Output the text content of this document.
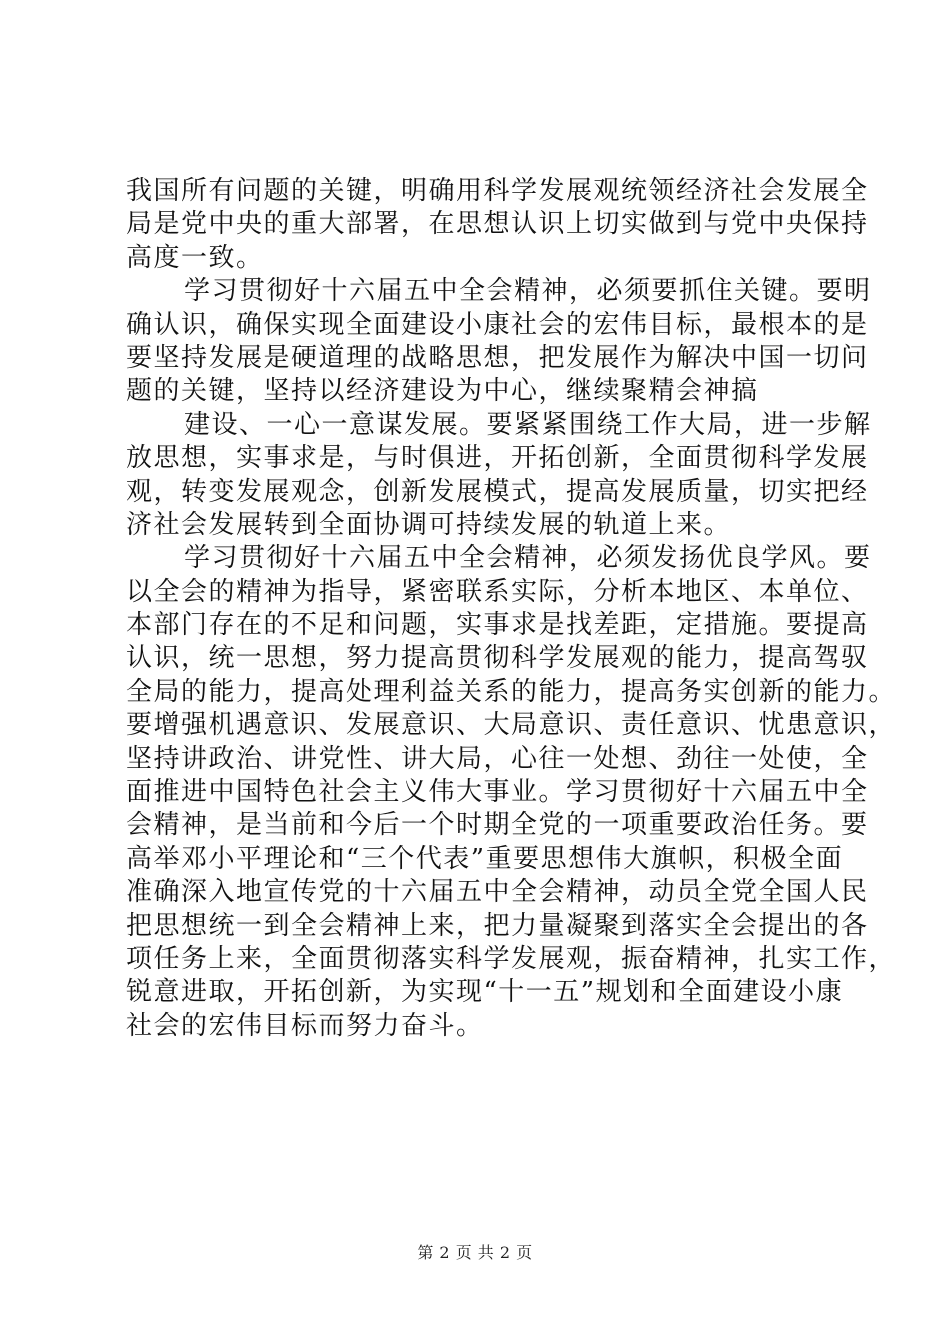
我国所有问题的关键，明确用科学发展观统领经济社会发展全
局是党中央的重大部署，在思想认识上切实做到与党中央保持
高度一致。
学习贯彻好十六届五中全会精神，必须要抓住关键。要明
确认识，确保实现全面建设小康社会的宏伟目标，最根本的是
要坚持发展是硬道理的战略思想，把发展作为解决中国一切问
题的关键，坚持以经济建设为中心，继续聚精会神搞
建设、一心一意谋发展。要紧紧围绕工作大局，进一步解
放思想，实事求是，与时俱进，开拓创新，全面贯彻科学发展
观，转变发展观念，创新发展模式，提高发展质量，切实把经
济社会发展转到全面协调可持续发展的轨道上来。
学习贯彻好十六届五中全会精神，必须发扬优良学风。要
以全会的精神为指导，紧密联系实际，分析本地区、本单位、
本部门存在的不足和问题，实事求是找差距，定措施。要提高
认识，统一思想，努力提高贯彻科学发展观的能力，提高驾驭
全局的能力，提高处理利益关系的能力，提高务实创新的能力。
要增强机遇意识、发展意识、大局意识、责任意识、忧患意识，
坚持讲政治、讲党性、讲大局，心往一处想、劲往一处使，全
面推进中国特色社会主义伟大事业。学习贯彻好十六届五中全
会精神，是当前和今后一个时期全党的一项重要政治任务。要
高举邓小平理论和“三个代表”重要思想伟大旗帜，积极全面
准确深入地宣传党的十六届五中全会精神，动员全党全国人民
把思想统一到全会精神上来，把力量凝聚到落实全会提出的各
项任务上来，全面贯彻落实科学发展观，振奋精神，扎实工作，
锐意进取，开拓创新，为实现“十一五”规划和全面建设小康
社会的宏伟目标而努力奋斗。
第 2 页 共 2 页
